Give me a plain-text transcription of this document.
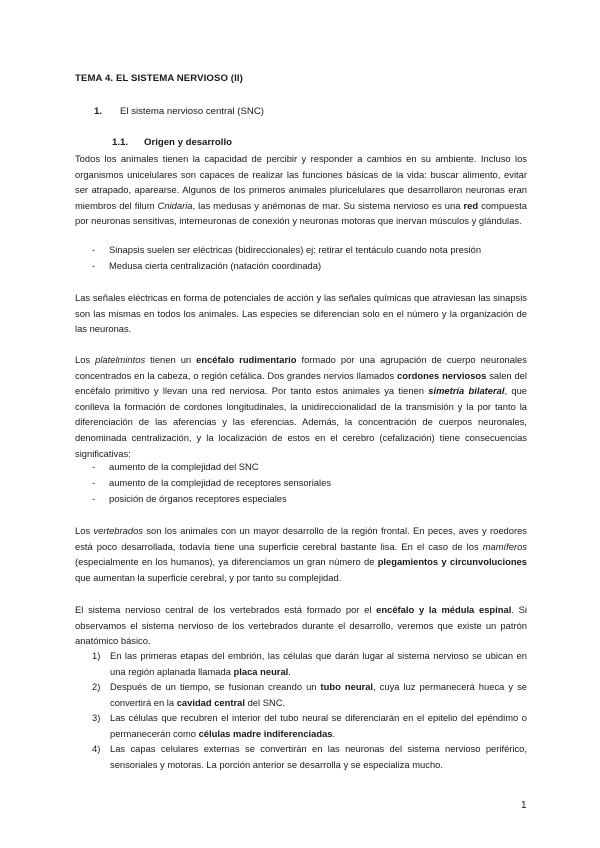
TEMA 4. EL SISTEMA NERVIOSO (II)
1. El sistema nervioso central (SNC)
1.1. Origen y desarrollo
Todos los animales tienen la capacidad de percibir y responder a cambios en su ambiente. Incluso los organismos unicelulares son capaces de realizar las funciones básicas de la vida: buscar alimento, evitar ser atrapado, aparearse. Algunos de los primeros animales pluricelulares que desarrollaron neuronas eran miembros del filum Cnidaria, las medusas y anémonas de mar. Su sistema nervioso es una red compuesta por neuronas sensitivas, interneuronas de conexión y neuronas motoras que inervan músculos y glándulas.
- Sinapsis suelen ser eléctricas (bidireccionales) ej: retirar el tentáculo cuando nota presión
- Medusa cierta centralización (natación coordinada)
Las señales eléctricas en forma de potenciales de acción y las señales químicas que atraviesan las sinapsis son las mismas en todos los animales. Las especies se diferencian solo en el número y la organización de las neuronas.
Los platelmintos tienen un encéfalo rudimentario formado por una agrupación de cuerpo neuronales concentrados en la cabeza, o región cefálica. Dos grandes nervios llamados cordones nerviosos salen del encéfalo primitivo y llevan una red nerviosa. Por tanto estos animales ya tienen simetría bilateral, que conlleva la formación de cordones longitudinales, la unidireccionalidad de la transmisión y la por tanto la diferenciación de las aferencias y las eferencias. Además, la concentración de cuerpos neuronales, denominada centralización, y la localización de estos en el cerebro (cefalización) tiene consecuencias significativas:
- aumento de la complejidad del SNC
- aumento de la complejidad de receptores sensoriales
- posición de órganos receptores especiales
Los vertebrados son los animales con un mayor desarrollo de la región frontal. En peces, aves y roedores está poco desarrollada, todavía tiene una superficie cerebral bastante lisa. En el caso de los mamíferos (especialmente en los humanos), ya diferenciamos un gran número de plegamientos y circunvoluciones que aumentan la superficie cerebral, y por tanto su complejidad.
El sistema nervioso central de los vertebrados está formado por el encéfalo y la médula espinal. Si observamos el sistema nervioso de los vertebrados durante el desarrollo, veremos que existe un patrón anatómico básico.
1)	En las primeras etapas del embrión, las células que darán lugar al sistema nervioso se ubican en una región aplanada llamada placa neural.
2)	Después de un tiempo, se fusionan creando un tubo neural, cuya luz permanecerá hueca y se convertirá en la cavidad central del SNC.
3)	Las células que recubren el interior del tubo neural se diferenciarán en el epitelio del epéndimo o permanecerán como células madre indiferenciadas.
4)	Las capas celulares externas se convertirán en las neuronas del sistema nervioso periférico, sensoriales y motoras. La porción anterior se desarrolla y se especializa mucho.
1
